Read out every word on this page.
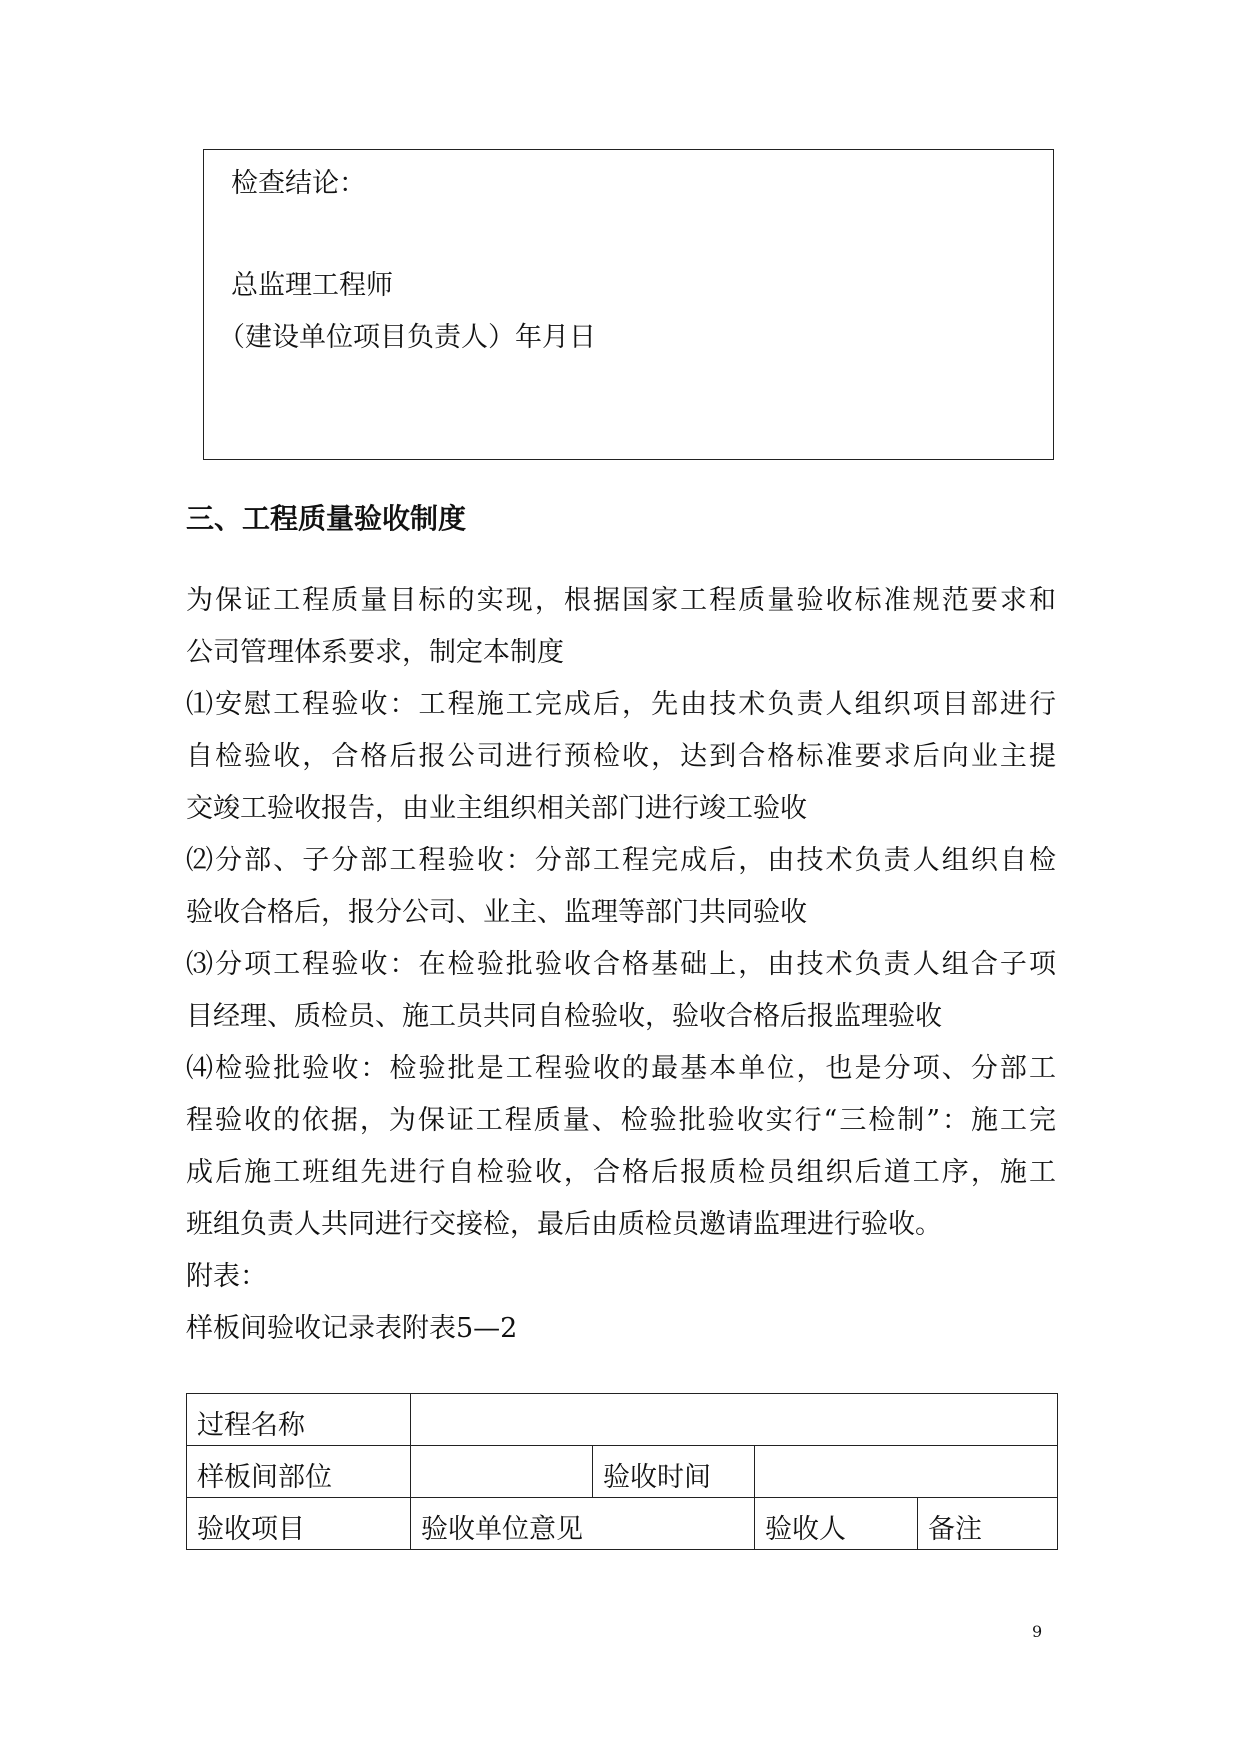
检查结论：
总监理工程师
（建设单位项目负责人）年月日
三、工程质量验收制度
为保证工程质量目标的实现，根据国家工程质量验收标准规范要求和
公司管理体系要求，制定本制度
⑴安慰工程验收：工程施工完成后，先由技术负责人组织项目部进行
自检验收，合格后报公司进行预检收，达到合格标准要求后向业主提
交竣工验收报告，由业主组织相关部门进行竣工验收
⑵分部、子分部工程验收：分部工程完成后，由技术负责人组织自检
验收合格后，报分公司、业主、监理等部门共同验收
⑶分项工程验收：在检验批验收合格基础上，由技术负责人组合子项
目经理、质检员、施工员共同自检验收，验收合格后报监理验收
⑷检验批验收：检验批是工程验收的最基本单位，也是分项、分部工
程验收的依据，为保证工程质量、检验批验收实行“三检制”：施工完
成后施工班组先进行自检验收，合格后报质检员组织后道工序，施工
班组负责人共同进行交接检，最后由质检员邀请监理进行验收。
附表：
样板间验收记录表附表5—2
过程名称				
样板间部位		验收时间		
验收项目	验收单位意见		验收人	备注
9
